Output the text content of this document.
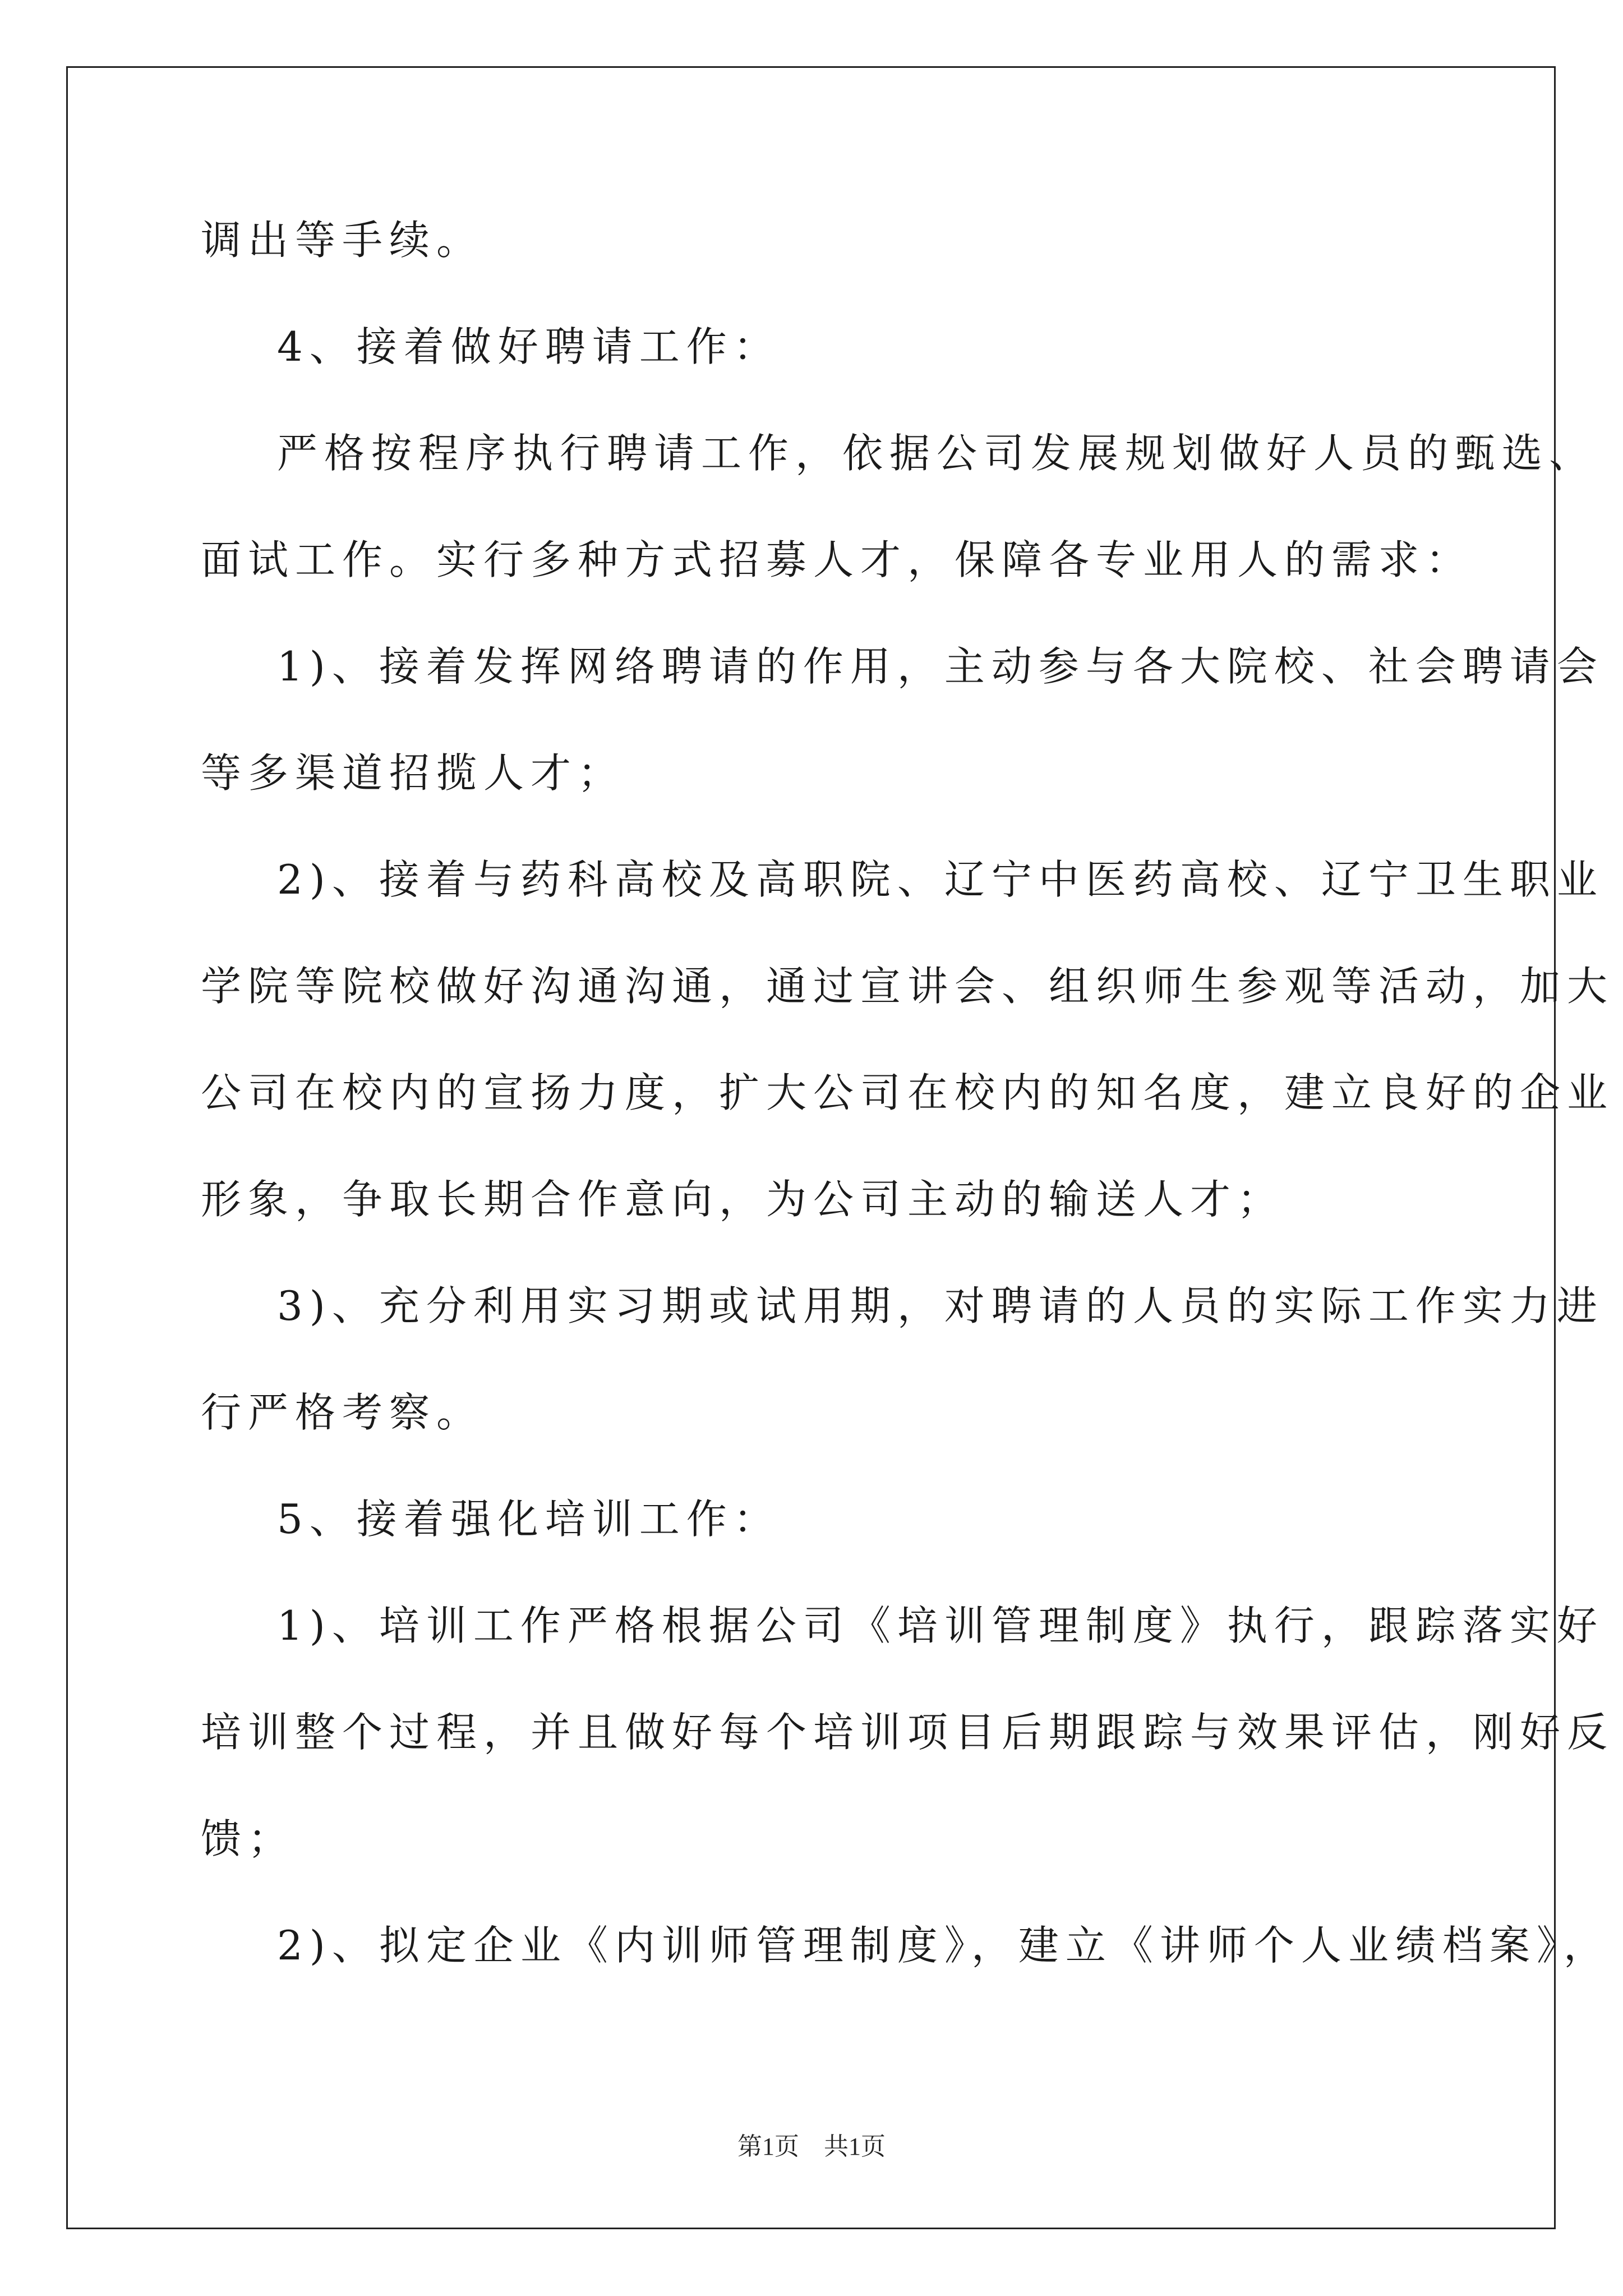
调出等手续。
4、接着做好聘请工作：
严格按程序执行聘请工作，依据公司发展规划做好人员的甄选、
面试工作。实行多种方式招募人才，保障各专业用人的需求：
1)、接着发挥网络聘请的作用，主动参与各大院校、社会聘请会
等多渠道招揽人才；
2)、接着与药科高校及高职院、辽宁中医药高校、辽宁卫生职业
学院等院校做好沟通沟通，通过宣讲会、组织师生参观等活动，加大
公司在校内的宣扬力度，扩大公司在校内的知名度，建立良好的企业
形象，争取长期合作意向，为公司主动的输送人才；
3)、充分利用实习期或试用期，对聘请的人员的实际工作实力进
行严格考察。
5、接着强化培训工作：
1)、培训工作严格根据公司《培训管理制度》执行，跟踪落实好
培训整个过程，并且做好每个培训项目后期跟踪与效果评估，刚好反
馈；
2)、拟定企业《内训师管理制度》，建立《讲师个人业绩档案》，
第1页　共1页
